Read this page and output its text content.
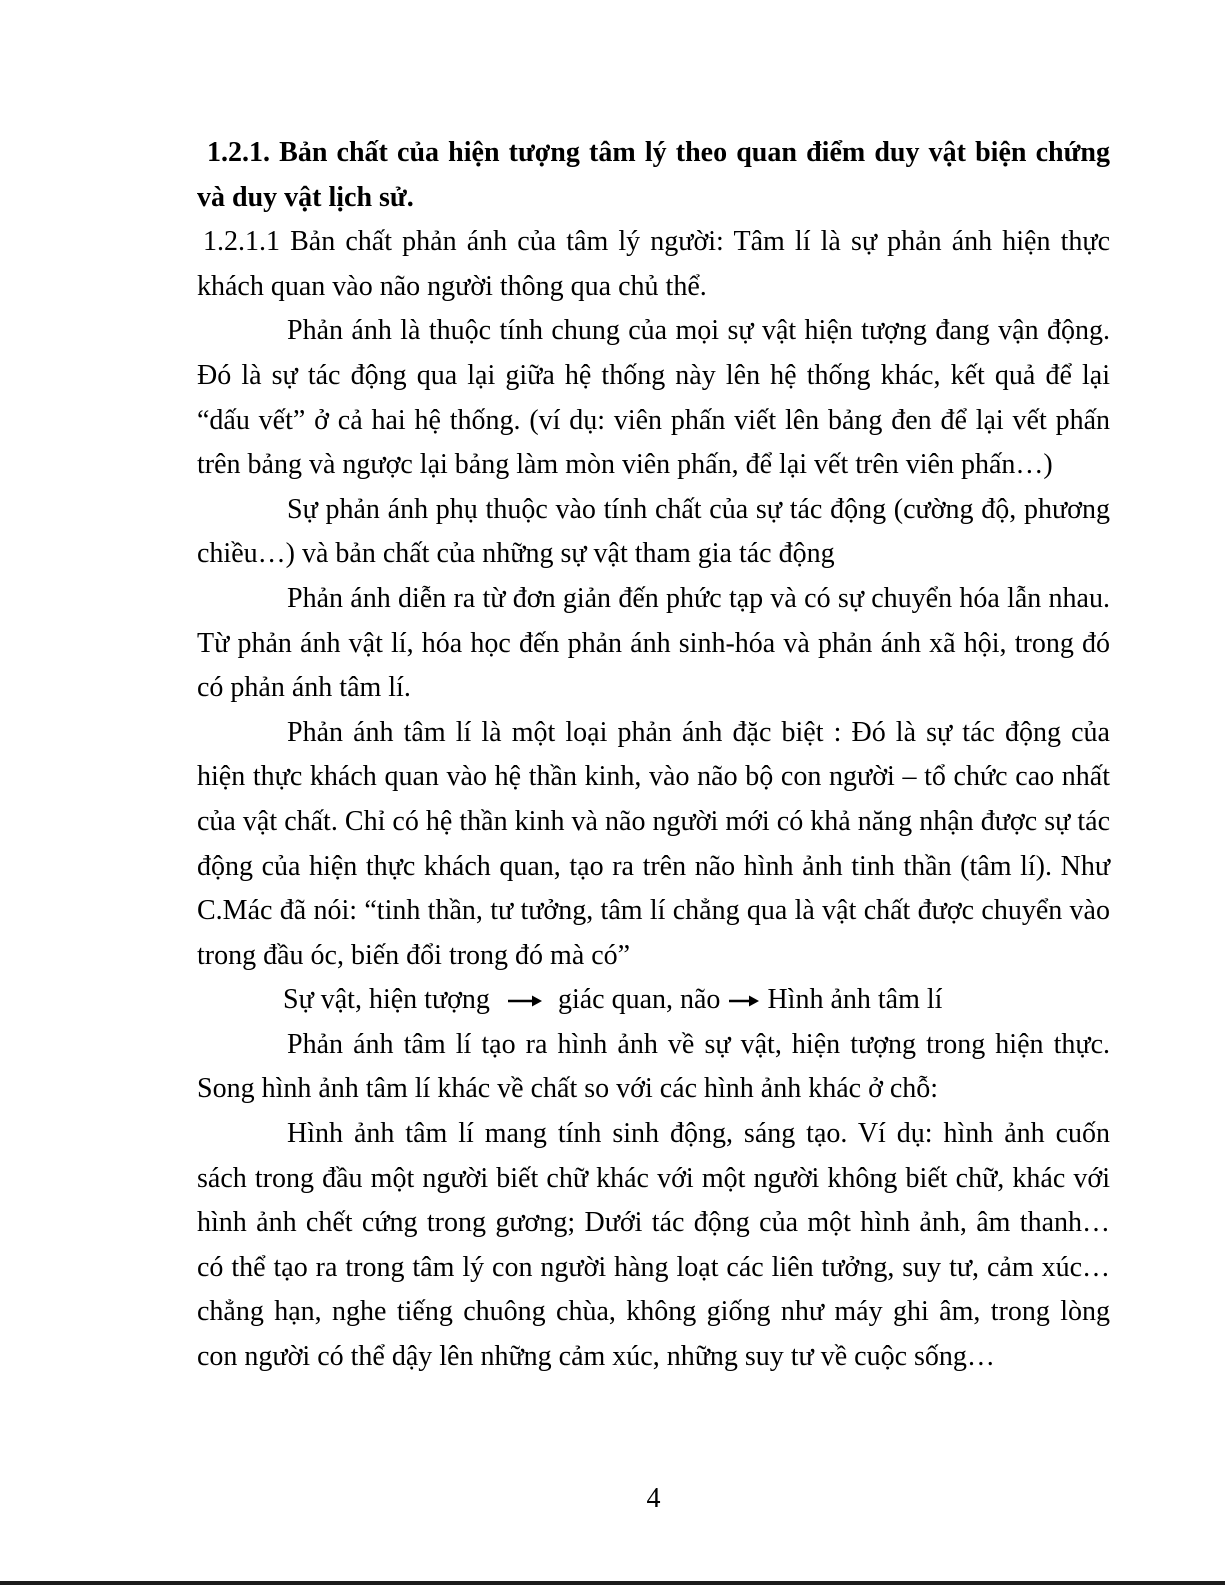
1.2.1. Bản chất của hiện tượng tâm lý theo quan điểm duy vật biện chứng và duy vật lịch sử.

1.2.1.1 Bản chất phản ánh của tâm lý người: Tâm lí là sự phản ánh hiện thực khách quan vào não người thông qua chủ thể.

Phản ánh là thuộc tính chung của mọi sự vật hiện tượng đang vận động. Đó là sự tác động qua lại giữa hệ thống này lên hệ thống khác, kết quả để lại “dấu vết” ở cả hai hệ thống. (ví dụ: viên phấn viết lên bảng đen để lại vết phấn trên bảng và ngược lại bảng làm mòn viên phấn, để lại vết trên viên phấn…)

Sự phản ánh phụ thuộc vào tính chất của sự tác động (cường độ, phương chiều…) và bản chất của những sự vật tham gia tác động

Phản ánh diễn ra từ đơn giản đến phức tạp và có sự chuyển hóa lẫn nhau. Từ phản ánh vật lí, hóa học đến phản ánh sinh-hóa và phản ánh xã hội, trong đó có phản ánh tâm lí.

Phản ánh tâm lí là một loại phản ánh đặc biệt : Đó là sự tác động của hiện thực khách quan vào hệ thần kinh, vào não bộ con người – tổ chức cao nhất của vật chất. Chỉ có hệ thần kinh và não người mới có khả năng nhận được sự tác động của hiện thực khách quan, tạo ra trên não hình ảnh tinh thần (tâm lí). Như C.Mác đã nói: “tinh thần, tư tưởng, tâm lí chẳng qua là vật chất được chuyển vào trong đầu óc, biến đổi trong đó mà có”

Sự vật, hiện tượng giác quan, não Hình ảnh tâm lí

Phản ánh tâm lí tạo ra hình ảnh về sự vật, hiện tượng trong hiện thực. Song hình ảnh tâm lí khác về chất so với các hình ảnh khác ở chỗ:

Hình ảnh tâm lí mang tính sinh động, sáng tạo. Ví dụ: hình ảnh cuốn sách trong đầu một người biết chữ khác với một người không biết chữ, khác với hình ảnh chết cứng trong gương; Dưới tác động của một hình ảnh, âm thanh… có thể tạo ra trong tâm lý con người hàng loạt các liên tưởng, suy tư, cảm xúc…chẳng hạn, nghe tiếng chuông chùa, không giống như máy ghi âm, trong lòng con người có thể dậy lên những cảm xúc, những suy tư về cuộc sống…

4
